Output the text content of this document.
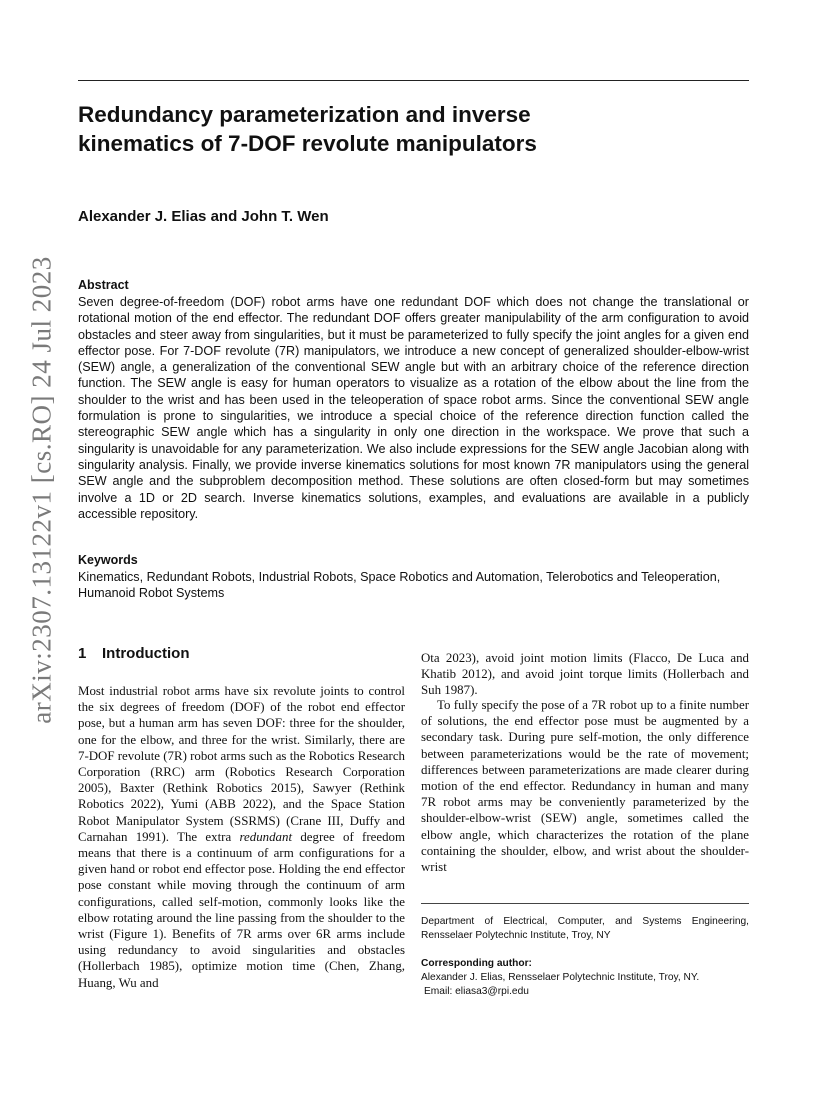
arXiv:2307.13122v1 [cs.RO] 24 Jul 2023
Redundancy parameterization and inverse kinematics of 7-DOF revolute manipulators
Alexander J. Elias and John T. Wen
Abstract

Seven degree-of-freedom (DOF) robot arms have one redundant DOF which does not change the translational or rotational motion of the end effector. The redundant DOF offers greater manipulability of the arm configuration to avoid obstacles and steer away from singularities, but it must be parameterized to fully specify the joint angles for a given end effector pose. For 7-DOF revolute (7R) manipulators, we introduce a new concept of generalized shoulder-elbow-wrist (SEW) angle, a generalization of the conventional SEW angle but with an arbitrary choice of the reference direction function. The SEW angle is easy for human operators to visualize as a rotation of the elbow about the line from the shoulder to the wrist and has been used in the teleoperation of space robot arms. Since the conventional SEW angle formulation is prone to singularities, we introduce a special choice of the reference direction function called the stereographic SEW angle which has a singularity in only one direction in the workspace. We prove that such a singularity is unavoidable for any parameterization. We also include expressions for the SEW angle Jacobian along with singularity analysis. Finally, we provide inverse kinematics solutions for most known 7R manipulators using the general SEW angle and the subproblem decomposition method. These solutions are often closed-form but may sometimes involve a 1D or 2D search. Inverse kinematics solutions, examples, and evaluations are available in a publicly accessible repository.

Keywords

Kinematics, Redundant Robots, Industrial Robots, Space Robotics and Automation, Telerobotics and Teleoperation, Humanoid Robot Systems

1 Introduction

Most industrial robot arms have six revolute joints to control the six degrees of freedom (DOF) of the robot end effector pose, but a human arm has seven DOF: three for the shoulder, one for the elbow, and three for the wrist. Similarly, there are 7-DOF revolute (7R) robot arms such as the Robotics Research Corporation (RRC) arm (Robotics Research Corporation 2005), Baxter (Rethink Robotics 2015), Sawyer (Rethink Robotics 2022), Yumi (ABB 2022), and the Space Station Robot Manipulator System (SSRMS) (Crane III, Duffy and Carnahan 1991). The extra redundant degree of freedom means that there is a continuum of arm configurations for a given hand or robot end effector pose. Holding the end effector pose constant while moving through the continuum of arm configurations, called self-motion, commonly looks like the elbow rotating around the line passing from the shoulder to the wrist (Figure 1). Benefits of 7R arms over 6R arms include using redundancy to avoid singularities and obstacles (Hollerbach 1985), optimize motion time (Chen, Zhang, Huang, Wu and

Ota 2023), avoid joint motion limits (Flacco, De Luca and Khatib 2012), and avoid joint torque limits (Hollerbach and Suh 1987).

To fully specify the pose of a 7R robot up to a finite number of solutions, the end effector pose must be augmented by a secondary task. During pure self-motion, the only difference between parameterizations would be the rate of movement; differences between parameterizations are made clearer during motion of the end effector. Redundancy in human and many 7R robot arms may be conveniently parameterized by the shoulder-elbow-wrist (SEW) angle, sometimes called the elbow angle, which characterizes the rotation of the plane containing the shoulder, elbow, and wrist about the shoulder-wrist

Department of Electrical, Computer, and Systems Engineering, Rensselaer Polytechnic Institute, Troy, NY

Corresponding author:
Alexander J. Elias, Rensselaer Polytechnic Institute, Troy, NY.
Email: eliasa3@rpi.edu
